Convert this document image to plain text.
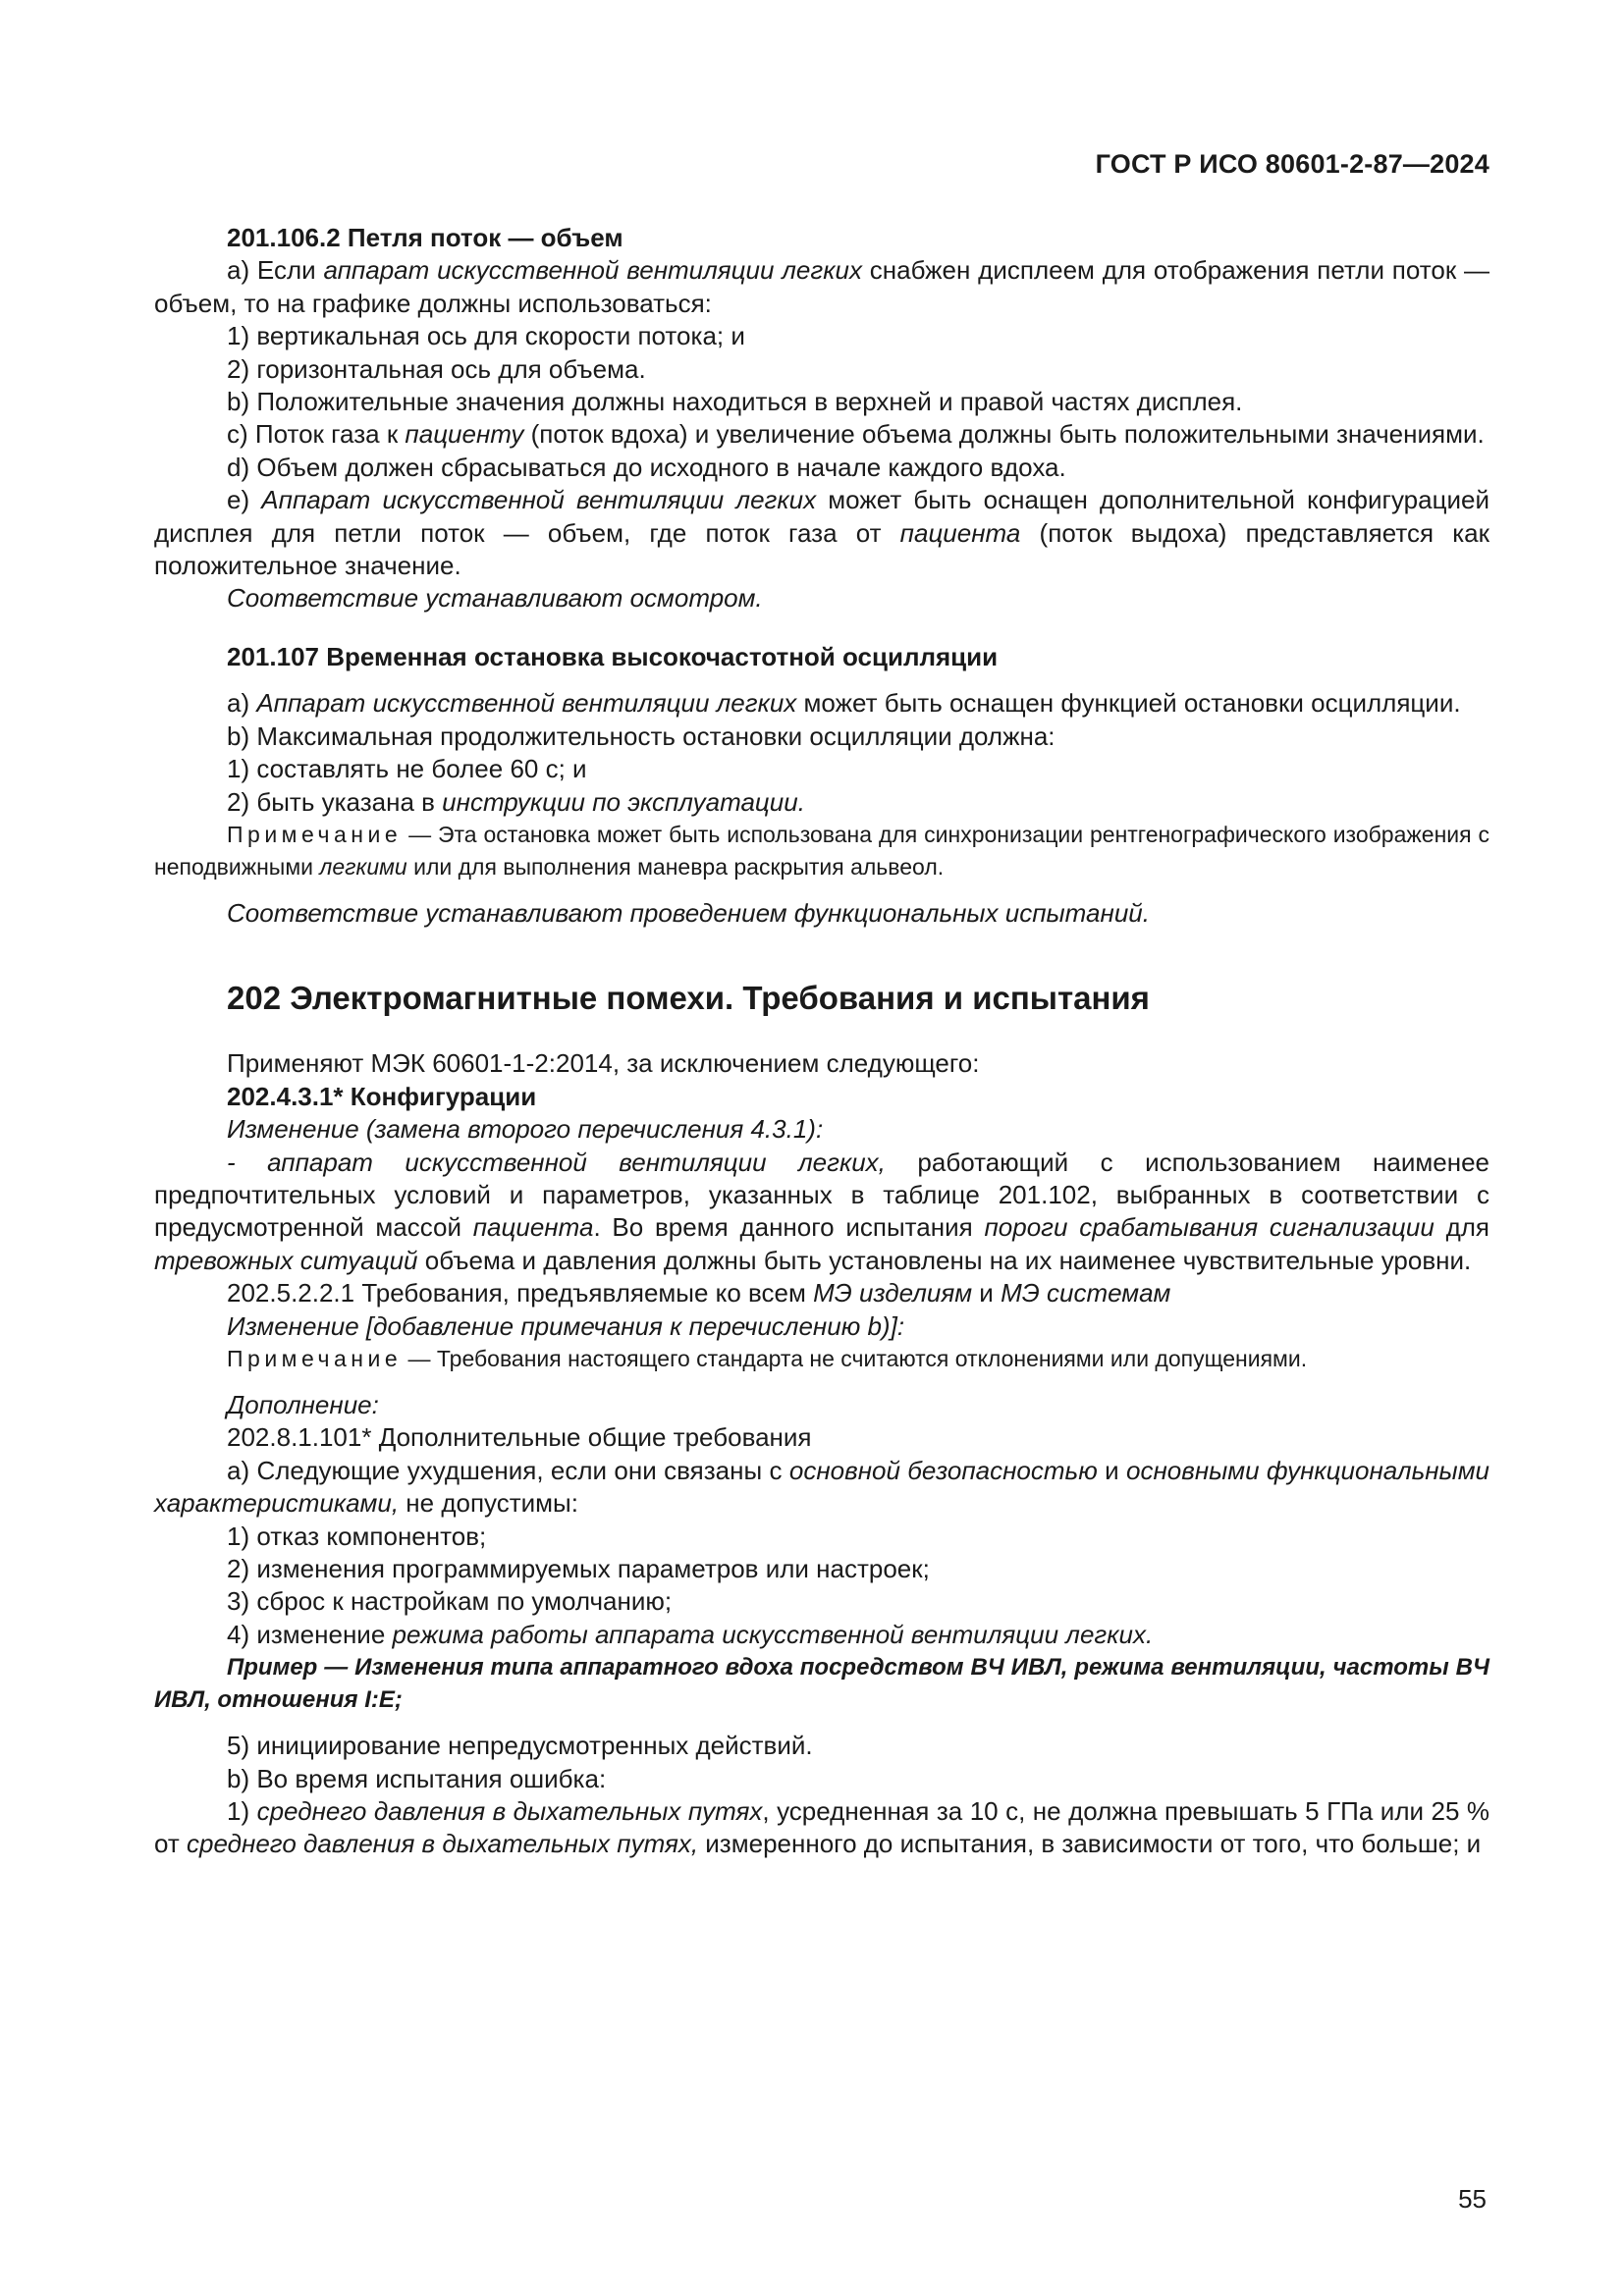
ГОСТ Р ИСО 80601-2-87—2024

201.106.2 Петля поток — объем

а) Если аппарат искусственной вентиляции легких снабжен дисплеем для отображения петли поток — объем, то на графике должны использоваться:

1) вертикальная ось для скорости потока; и

2) горизонтальная ось для объема.

b) Положительные значения должны находиться в верхней и правой частях дисплея.

с) Поток газа к пациенту (поток вдоха) и увеличение объема должны быть положительными значениями.

d) Объем должен сбрасываться до исходного в начале каждого вдоха.

е) Аппарат искусственной вентиляции легких может быть оснащен дополнительной конфигурацией дисплея для петли поток — объем, где поток газа от пациента (поток выдоха) представляется как положительное значение.

Соответствие устанавливают осмотром.

201.107 Временная остановка высокочастотной осцилляции

а) Аппарат искусственной вентиляции легких может быть оснащен функцией остановки осцилляции.

b) Максимальная продолжительность остановки осцилляции должна:

1) составлять не более 60 с; и

2) быть указана в инструкции по эксплуатации.

Примечание — Эта остановка может быть использована для синхронизации рентгенографического изображения с неподвижными легкими или для выполнения маневра раскрытия альвеол.

Соответствие устанавливают проведением функциональных испытаний.

202 Электромагнитные помехи. Требования и испытания

Применяют МЭК 60601-1-2:2014, за исключением следующего:

202.4.3.1* Конфигурации

Изменение (замена второго перечисления 4.3.1):

- аппарат искусственной вентиляции легких, работающий с использованием наименее предпочтительных условий и параметров, указанных в таблице 201.102, выбранных в соответствии с предусмотренной массой пациента. Во время данного испытания пороги срабатывания сигнализации для тревожных ситуаций объема и давления должны быть установлены на их наименее чувствительные уровни.

202.5.2.2.1 Требования, предъявляемые ко всем МЭ изделиям и МЭ системам

Изменение [добавление примечания к перечислению b)]:

Примечание — Требования настоящего стандарта не считаются отклонениями или допущениями.

Дополнение:

202.8.1.101* Дополнительные общие требования

а) Следующие ухудшения, если они связаны с основной безопасностью и основными функциональными характеристиками, не допустимы:

1) отказ компонентов;

2) изменения программируемых параметров или настроек;

3) сброс к настройкам по умолчанию;

4) изменение режима работы аппарата искусственной вентиляции легких.

Пример — Изменения типа аппаратного вдоха посредством ВЧ ИВЛ, режима вентиляции, частоты ВЧ ИВЛ, отношения I:E;

5) инициирование непредусмотренных действий.

b) Во время испытания ошибка:

1) среднего давления в дыхательных путях, усредненная за 10 с, не должна превышать 5 ГПа или 25 % от среднего давления в дыхательных путях, измеренного до испытания, в зависимости от того, что больше; и

55
